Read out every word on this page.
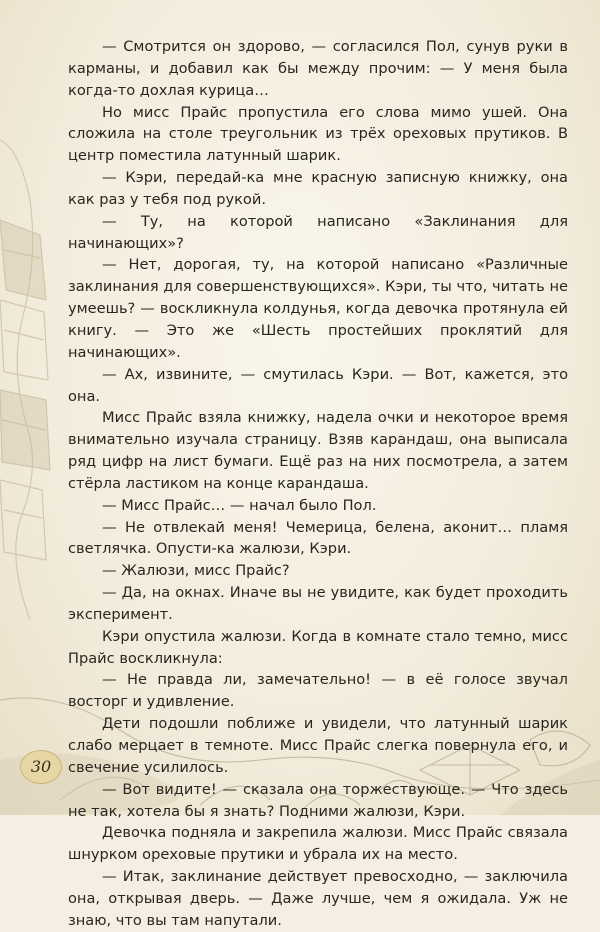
— Смотрится он здорово, — согласился Пол, сунув руки в карманы, и добавил как бы между прочим: — У меня была когда-то дохлая курица…

Но мисс Прайс пропустила его слова мимо ушей. Она сложила на столе треугольник из трёх ореховых прутиков. В центр поместила латунный шарик.

— Кэри, передай-ка мне красную записную книжку, она как раз у тебя под рукой.

— Ту, на которой написано «Заклинания для начинающих»?

— Нет, дорогая, ту, на которой написано «Различные заклинания для совершенствующихся». Кэри, ты что, читать не умеешь? — воскликнула колдунья, когда девочка протянула ей книгу. — Это же «Шесть простейших проклятий для начинающих».

— Ах, извините, — смутилась Кэри. — Вот, кажется, это она.

Мисс Прайс взяла книжку, надела очки и некоторое время внимательно изучала страницу. Взяв карандаш, она выписала ряд цифр на лист бумаги. Ещё раз на них посмотрела, а затем стёрла ластиком на конце карандаша.

— Мисс Прайс… — начал было Пол.

— Не отвлекай меня! Чемерица, белена, аконит… пламя светлячка. Опусти-ка жалюзи, Кэри.

— Жалюзи, мисс Прайс?

— Да, на окнах. Иначе вы не увидите, как будет проходить эксперимент.

Кэри опустила жалюзи. Когда в комнате стало темно, мисс Прайс воскликнула:

— Не правда ли, замечательно! — в её голосе звучал восторг и удивление.

Дети подошли поближе и увидели, что латунный шарик слабо мерцает в темноте. Мисс Прайс слегка повернула его, и свечение усилилось.

— Вот видите! — сказала она торжествующе. — Что здесь не так, хотела бы я знать? Подними жалюзи, Кэри.

Девочка подняла и закрепила жалюзи. Мисс Прайс связала шнурком ореховые прутики и убрала их на место.

— Итак, заклинание действует превосходно, — заключила она, открывая дверь. — Даже лучше, чем я ожидала. Уж не знаю, что вы там напутали.

30
